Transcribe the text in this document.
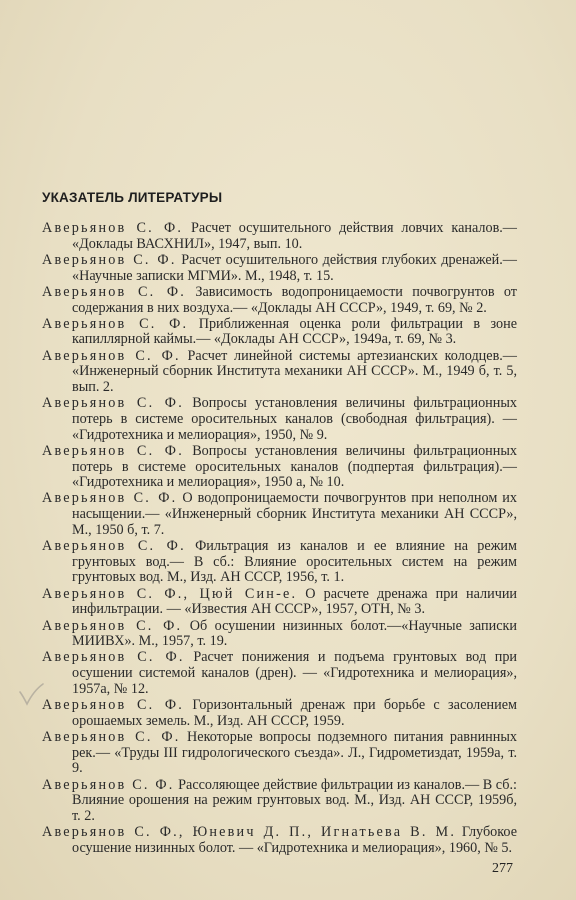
УКАЗАТЕЛЬ ЛИТЕРАТУРЫ

Аверьянов С. Ф. Расчет осушительного действия ловчих каналов.— «Доклады ВАСХНИЛ», 1947, вып. 10.

Аверьянов С. Ф. Расчет осушительного действия глубоких дренажей.— «Научные записки МГМИ». М., 1948, т. 15.

Аверьянов С. Ф. Зависимость водопроницаемости почвогрунтов от содержания в них воздуха.— «Доклады АН СССР», 1949, т. 69, № 2.

Аверьянов С. Ф. Приближенная оценка роли фильтрации в зоне капиллярной каймы.— «Доклады АН СССР», 1949а, т. 69, № 3.

Аверьянов С. Ф. Расчет линейной системы артезианских колодцев.— «Инженерный сборник Института механики АН СССР». М., 1949 б, т. 5, вып. 2.

Аверьянов С. Ф. Вопросы установления величины фильтрационных потерь в системе оросительных каналов (свободная фильтрация). — «Гидротехника и мелиорация», 1950, № 9.

Аверьянов С. Ф. Вопросы установления величины фильтрационных потерь в системе оросительных каналов (подпертая фильтрация).— «Гидротехника и мелиорация», 1950 а, № 10.

Аверьянов С. Ф. О водопроницаемости почвогрунтов при неполном их насыщении.— «Инженерный сборник Института механики АН СССР», М., 1950 б, т. 7.

Аверьянов С. Ф. Фильтрация из каналов и ее влияние на режим грунтовых вод.— В сб.: Влияние оросительных систем на режим грунтовых вод. М., Изд. АН СССР, 1956, т. 1.

Аверьянов С. Ф., Цюй Син-е. О расчете дренажа при наличии инфильтрации. — «Известия АН СССР», 1957, ОТН, № 3.

Аверьянов С. Ф. Об осушении низинных болот.—«Научные записки МИИВХ». М., 1957, т. 19.

Аверьянов С. Ф. Расчет понижения и подъема грунтовых вод при осушении системой каналов (дрен). — «Гидротехника и мелиорация», 1957а, № 12.

Аверьянов С. Ф. Горизонтальный дренаж при борьбе с засолением орошаемых земель. М., Изд. АН СССР, 1959.

Аверьянов С. Ф. Некоторые вопросы подземного питания равнинных рек.— «Труды III гидрологического съезда». Л., Гидрометиздат, 1959а, т. 9.

Аверьянов С. Ф. Рассоляющее действие фильтрации из каналов.— В сб.: Влияние орошения на режим грунтовых вод. М., Изд. АН СССР, 1959б, т. 2.

Аверьянов С. Ф., Юневич Д. П., Игнатьева В. М. Глубокое осушение низинных болот. — «Гидротехника и мелиорация», 1960, № 5.

277
